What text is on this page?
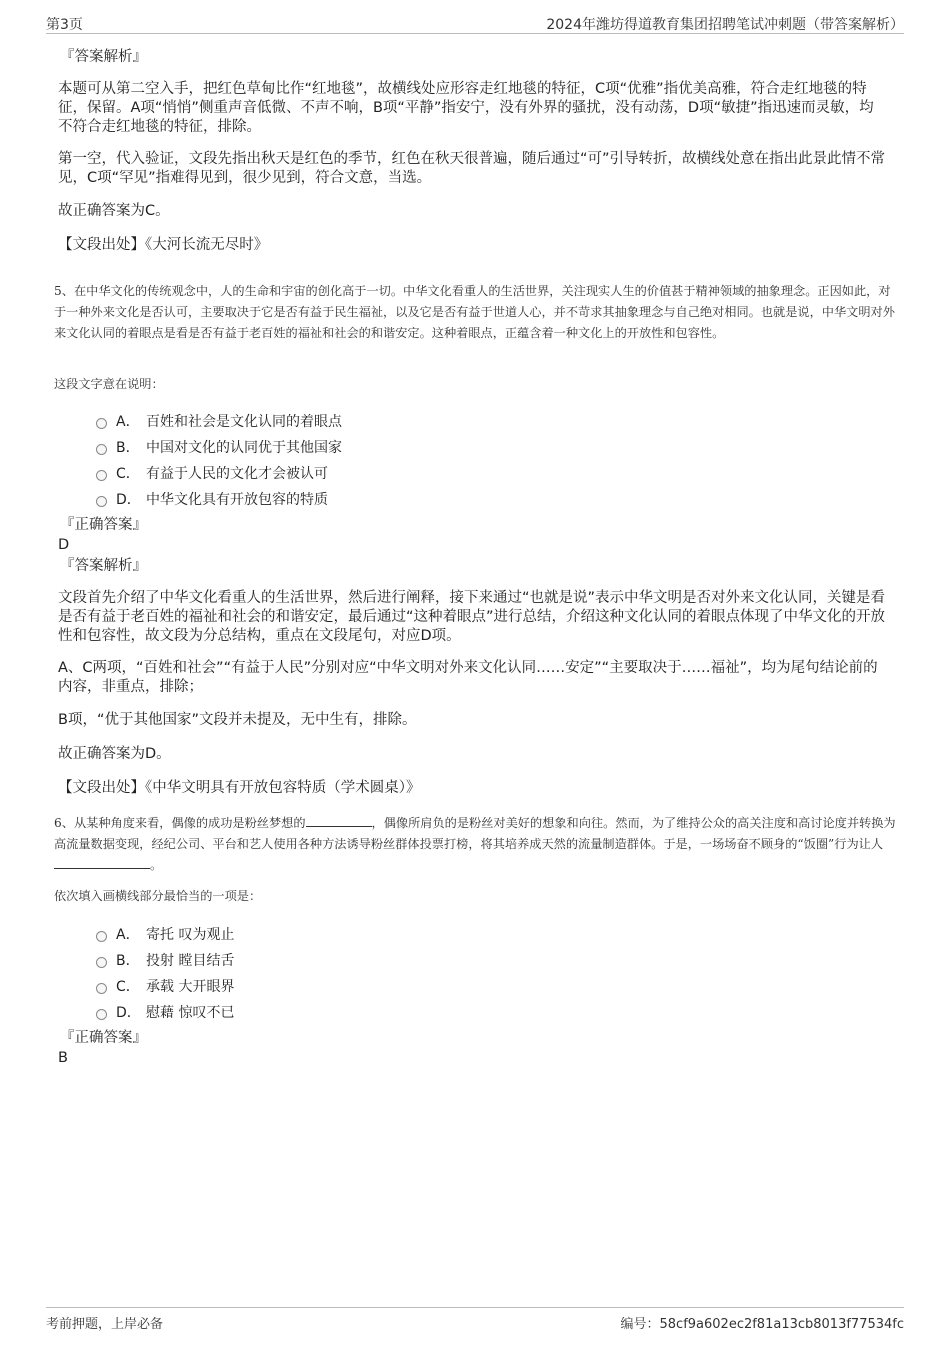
第3页	2024年潍坊得道教育集团招聘笔试冲刺题（带答案解析）
『答案解析』
本题可从第二空入手，把红色草甸比作“红地毯”，故横线处应形容走红地毯的特征，C项“优雅”指优美高雅，符合走红地毯的特征，保留。A项“悄悄”侧重声音低微、不声不响，B项“平静”指安宁，没有外界的骚扰，没有动荡，D项“敏捷”指迅速而灵敏，均不符合走红地毯的特征，排除。
第一空，代入验证，文段先指出秋天是红色的季节，红色在秋天很普遍，随后通过“可”引导转折，故横线处意在指出此景此情不常见，C项“罕见”指难得见到，很少见到，符合文意，当选。
故正确答案为C。
【文段出处】《大河长流无尽时》
5、在中华文化的传统观念中，人的生命和宇宙的创化高于一切。中华文化看重人的生活世界，关注现实人生的价值甚于精神领域的抽象理念。正因如此，对于一种外来文化是否认可，主要取决于它是否有益于民生福祉，以及它是否有益于世道人心，并不苛求其抽象理念与自己绝对相同。也就是说，中华文明对外来文化认同的着眼点是看是否有益于老百姓的福祉和社会的和谐安定。这种着眼点，正蕴含着一种文化上的开放性和包容性。
这段文字意在说明：
A． 百姓和社会是文化认同的着眼点
B． 中国对文化的认同优于其他国家
C． 有益于人民的文化才会被认可
D． 中华文化具有开放包容的特质
『正确答案』
D
『答案解析』
文段首先介绍了中华文化看重人的生活世界，然后进行阐释，接下来通过“也就是说”表示中华文明是否对外来文化认同，关键是看是否有益于老百姓的福祉和社会的和谐安定，最后通过“这种着眼点”进行总结，介绍这种文化认同的着眼点体现了中华文化的开放性和包容性，故文段为分总结构，重点在文段尾句，对应D项。
A、C两项，“百姓和社会”“有益于人民”分别对应“中华文明对外来文化认同……安定”“主要取决于……福祉”，均为尾句结论前的内容，非重点，排除；
B项，“优于其他国家”文段并未提及，无中生有，排除。
故正确答案为D。
【文段出处】《中华文明具有开放包容特质（学术圆桌）》
6、从某种角度来看，偶像的成功是粉丝梦想的	，偶像所肩负的是粉丝对美好的想象和向往。然而，为了维持公众的高关注度和高讨论度并转换为高流量数据变现，经纪公司、平台和艺人使用各种方法诱导粉丝群体投票打榜，将其培养成天然的流量制造群体。于是，一场场奋不顾身的“饭圈”行为让人。
依次填入画横线部分最恰当的一项是：
A． 寄托 叹为观止
B． 投射 瞠目结舌
C． 承载 大开眼界
D． 慰藉 惊叹不已
『正确答案』
B
考前押题，上岸必备	编号：58cf9a602ec2f81a13cb8013f77534fc
